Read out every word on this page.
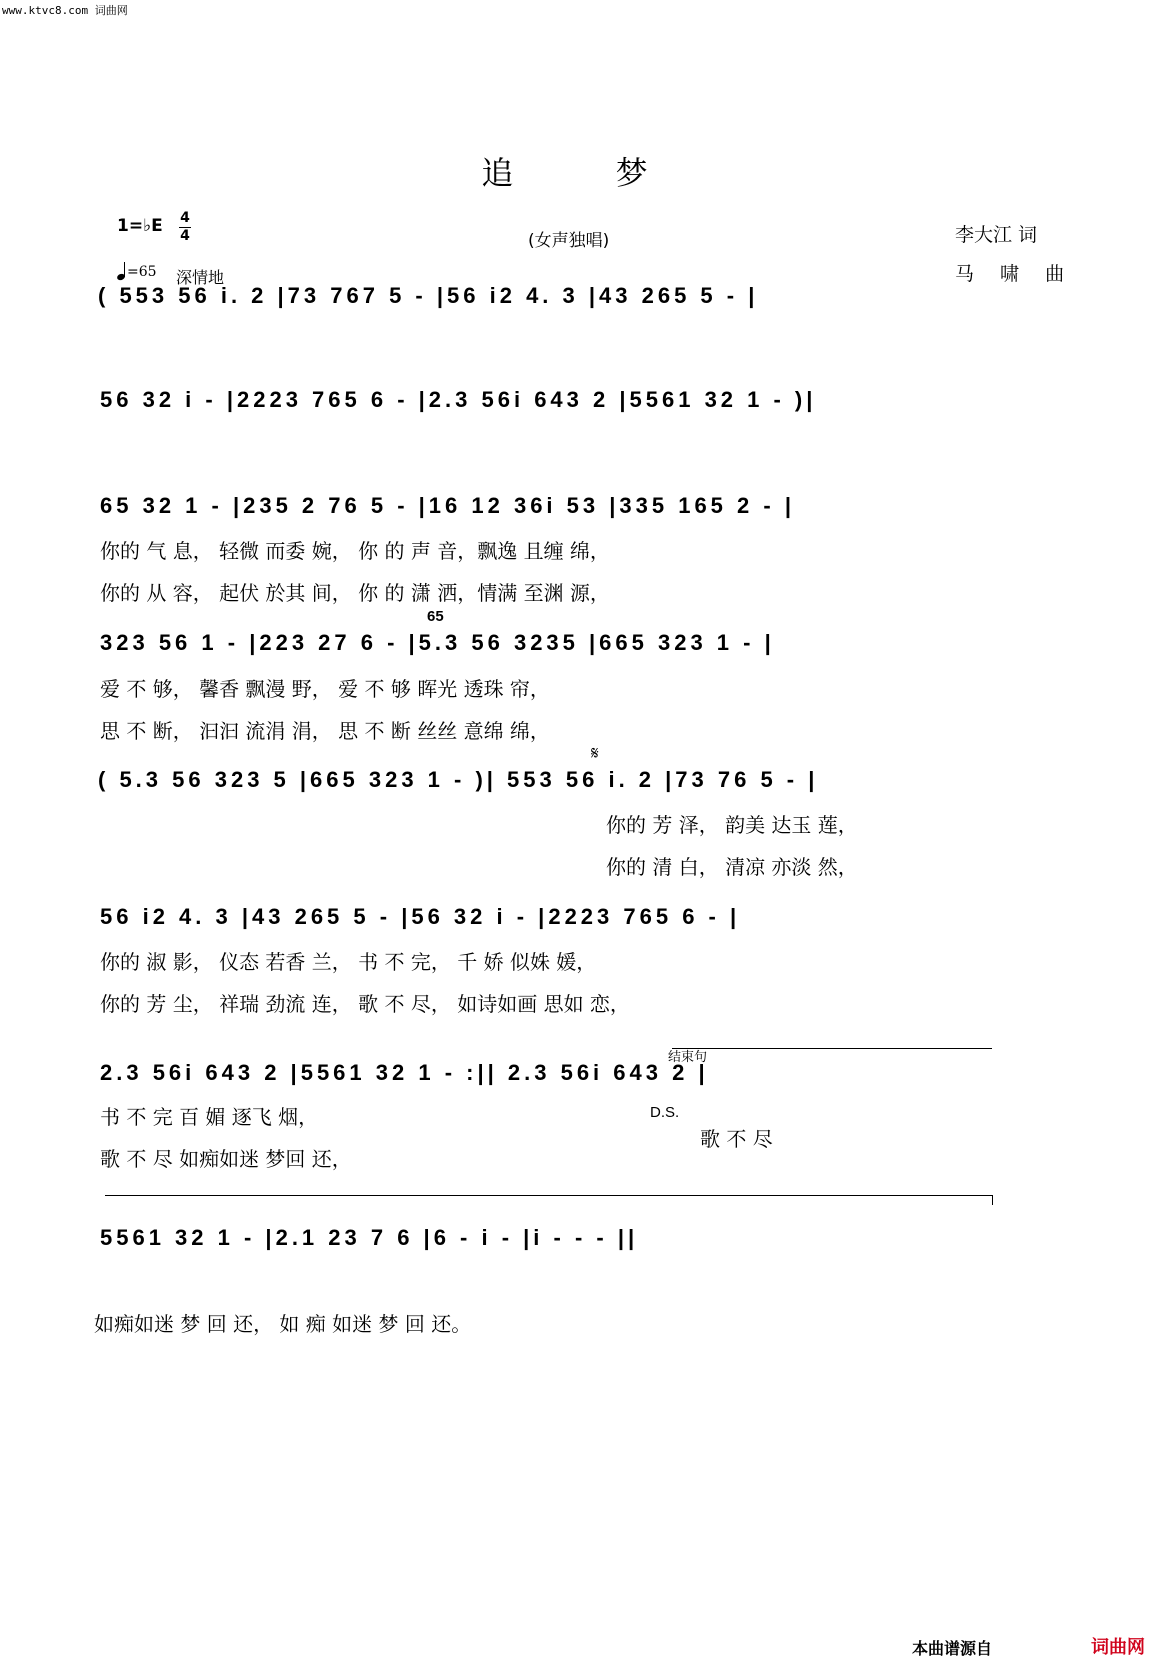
www.ktvc8.com 词曲网
追 梦
1=♭E 4
4	(女声独唱)	李大江 词
马 啸 曲
=65 深情地
( 553 56 i. 2 |73 767 5 - |56 i2 4. 3 |43 265 5 - |
56 32 i - |2223 765 6 - |2.3 56i 643 2 |5561 32 1 - )|
65 32 1 - |235 2 76 5 - |16 12 36i 53 |335 165 2 - |
你的 气 息， 轻微 而委 婉， 你 的 声 音，飘逸 且缠 绵，
你的 从 容， 起伏 於其 间， 你 的 潇 洒，情满 至渊 源，
65
323 56 1 - |223 27 6 - |5.3 56 3235 |665 323 1 - |
爱 不 够， 馨香 飘漫 野， 爱 不 够 晖光 透珠 帘，
思 不 断， 汩汩 流涓 涓， 思 不 断 丝丝 意绵 绵，
𝄋
( 5.3 56 323 5 |665 323 1 - )| 553 56 i. 2 |73 76 5 - |
你的 芳 泽， 韵美 达玉 莲，
你的 清 白， 清凉 亦淡 然，
56 i2 4. 3 |43 265 5 - |56 32 i - |2223 765 6 - |
你的 淑 影， 仪态 若香 兰， 书 不 完， 千 娇 似姝 媛，
你的 芳 尘， 祥瑞 劲流 连， 歌 不 尽， 如诗如画 思如 恋，
结束句
2.3 56i 643 2 |5561 32 1 - :|| 2.3 56i 643 2 |
书 不 完 百 媚 逐飞 烟，	D.S.
歌 不 尽
歌 不 尽 如痴如迷 梦回 还，
5561 32 1 - |2.1 23 7 6 |6 - i - |i - - - ||
如痴如迷 梦 回 还， 如 痴 如迷 梦 回 还。
本曲谱源自	词曲网
